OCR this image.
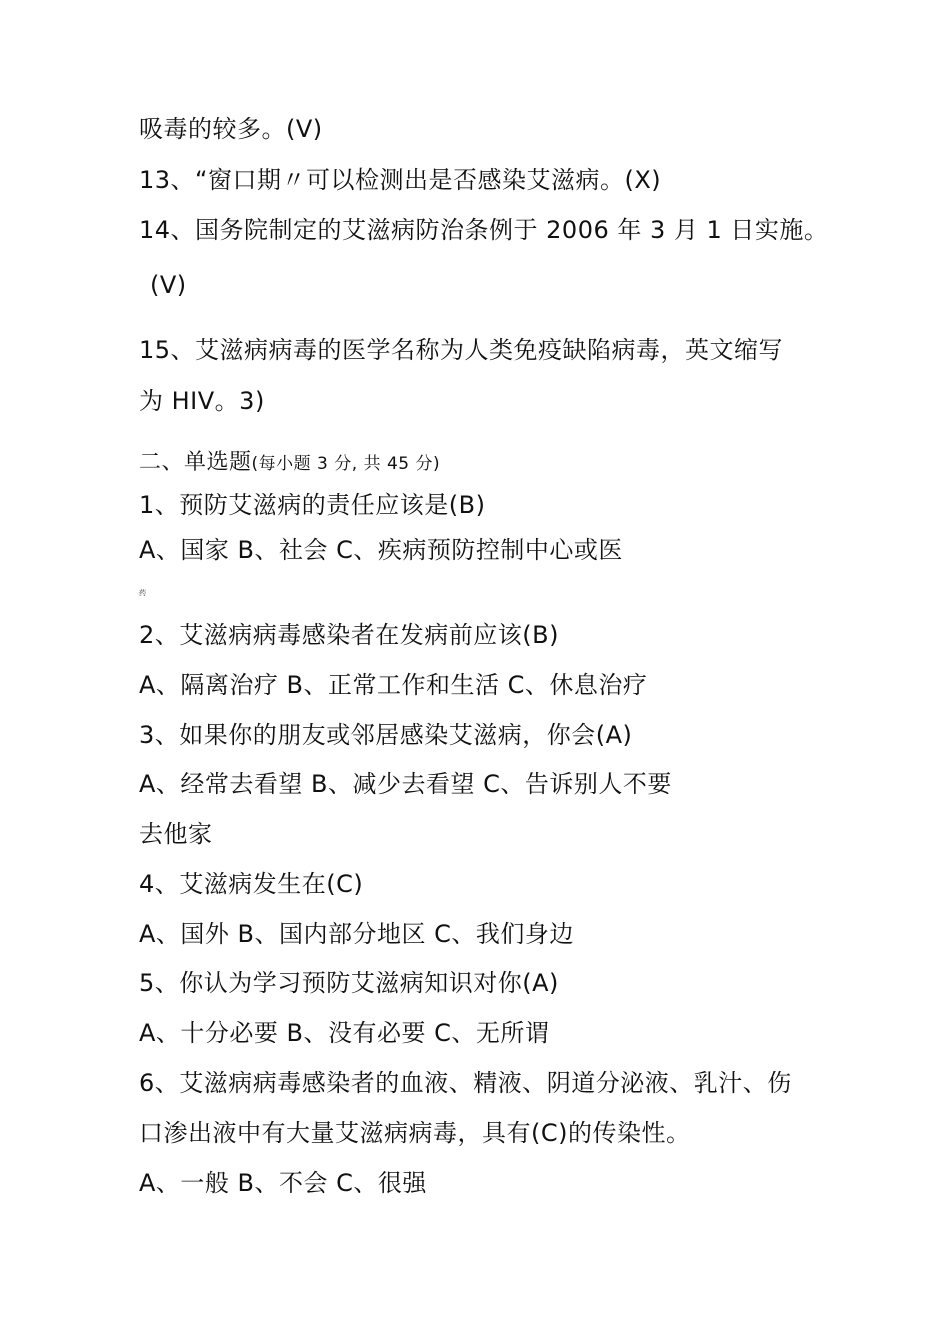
吸毒的较多。(V)
13、“窗口期〃可以检测出是否感染艾滋病。(X)
14、国务院制定的艾滋病防治条例于 2006 年 3 月 1 日实施。
(V)
15、艾滋病病毒的医学名称为人类免疫缺陷病毒，英文缩写
为 HIV。3)
二、单选题(每小题 3 分, 共 45 分)
1、预防艾滋病的责任应该是(B)
A、国家 B、社会 C、疾病预防控制中心或医
药
2、艾滋病病毒感染者在发病前应该(B)
A、隔离治疗 B、正常工作和生活 C、休息治疗
3、如果你的朋友或邻居感染艾滋病，你会(A)
A、经常去看望 B、减少去看望 C、告诉别人不要
去他家
4、艾滋病发生在(C)
A、国外 B、国内部分地区 C、我们身边
5、你认为学习预防艾滋病知识对你(A)
A、十分必要 B、没有必要 C、无所谓
6、艾滋病病毒感染者的血液、精液、阴道分泌液、乳汁、伤
口渗出液中有大量艾滋病病毒，具有(C)的传染性。
A、一般 B、不会 C、很强
